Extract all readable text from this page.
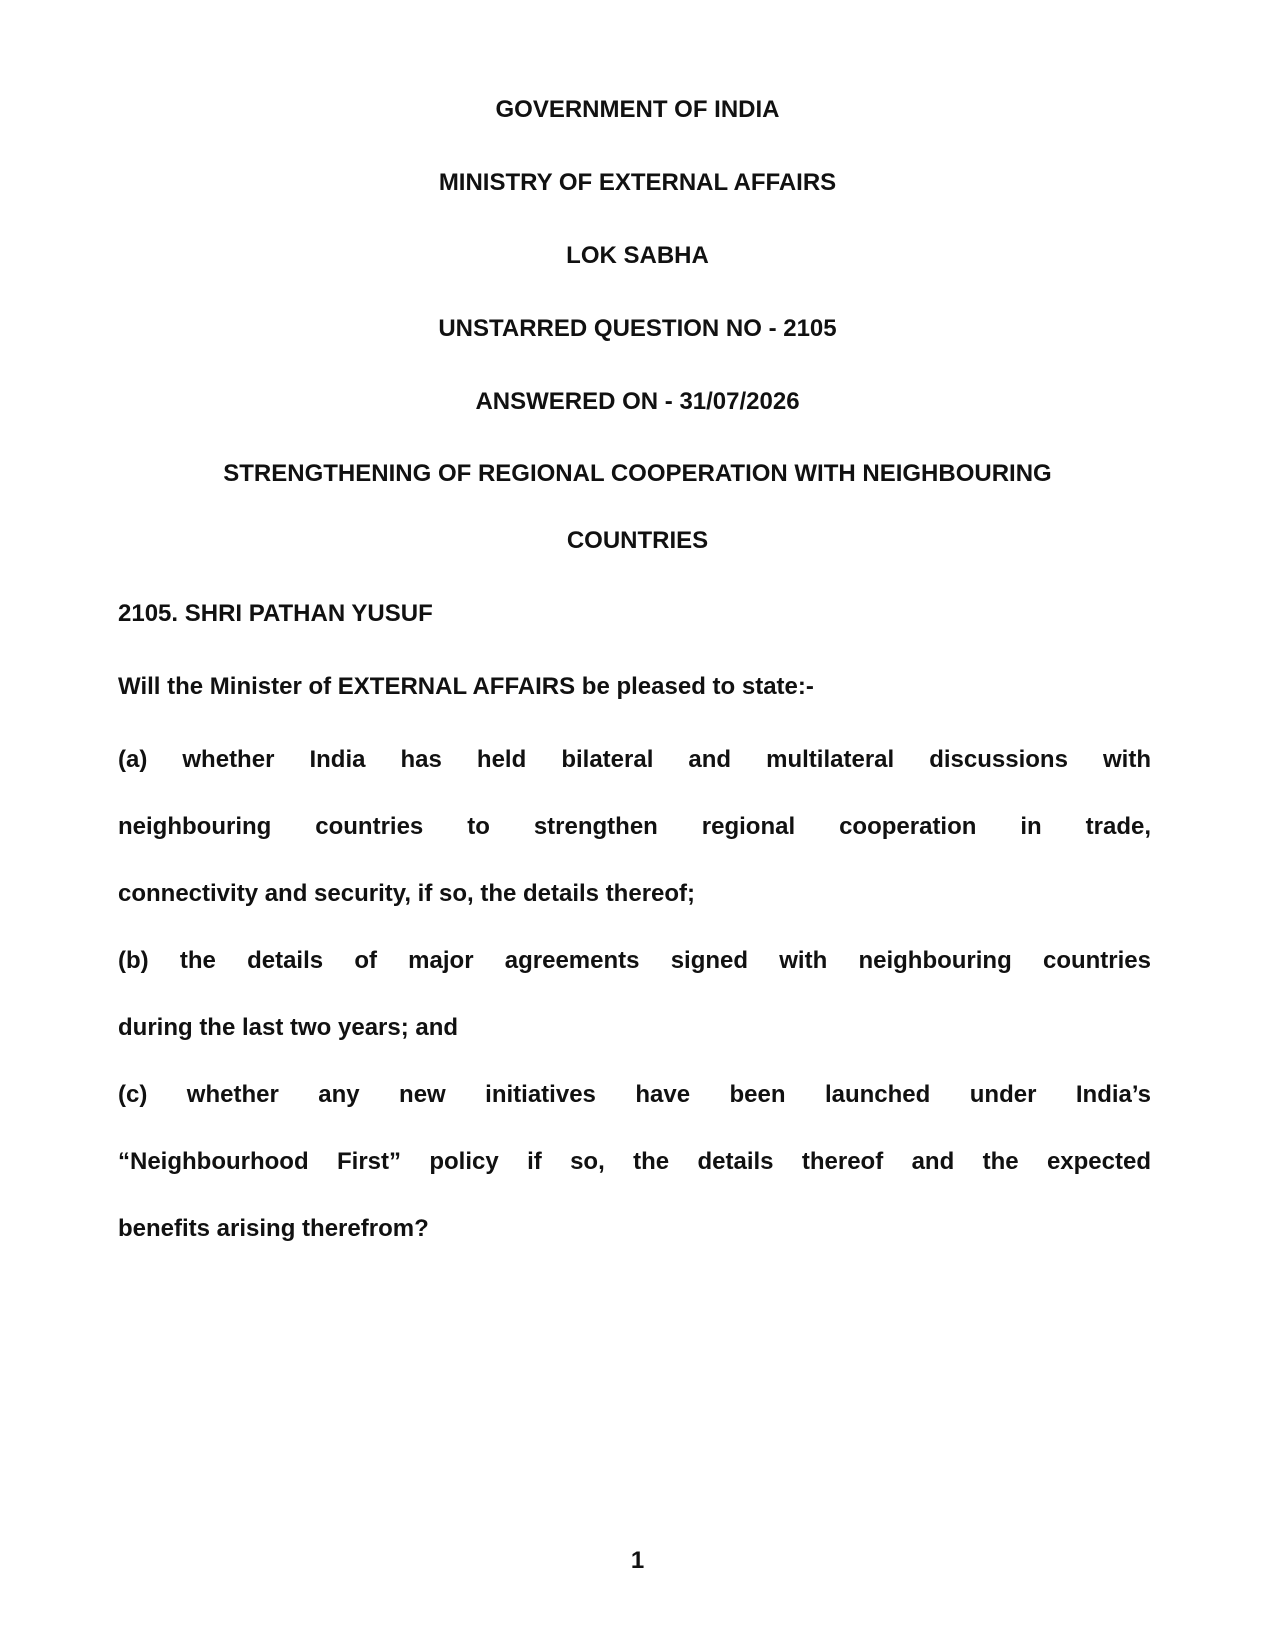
GOVERNMENT OF INDIA

MINISTRY OF EXTERNAL AFFAIRS

LOK SABHA

UNSTARRED QUESTION NO - 2105

ANSWERED ON - 31/07/2026

STRENGTHENING OF REGIONAL COOPERATION WITH NEIGHBOURING

COUNTRIES

2105. SHRI PATHAN YUSUF

Will the Minister of EXTERNAL AFFAIRS be pleased to state:-

(a) whether India has held bilateral and multilateral discussions with

neighbouring countries to strengthen regional cooperation in trade,

connectivity and security, if so, the details thereof;

(b) the details of major agreements signed with neighbouring countries

during the last two years; and

(c) whether any new initiatives have been launched under India’s

“Neighbourhood First” policy if so, the details thereof and the expected

benefits arising therefrom?

1
